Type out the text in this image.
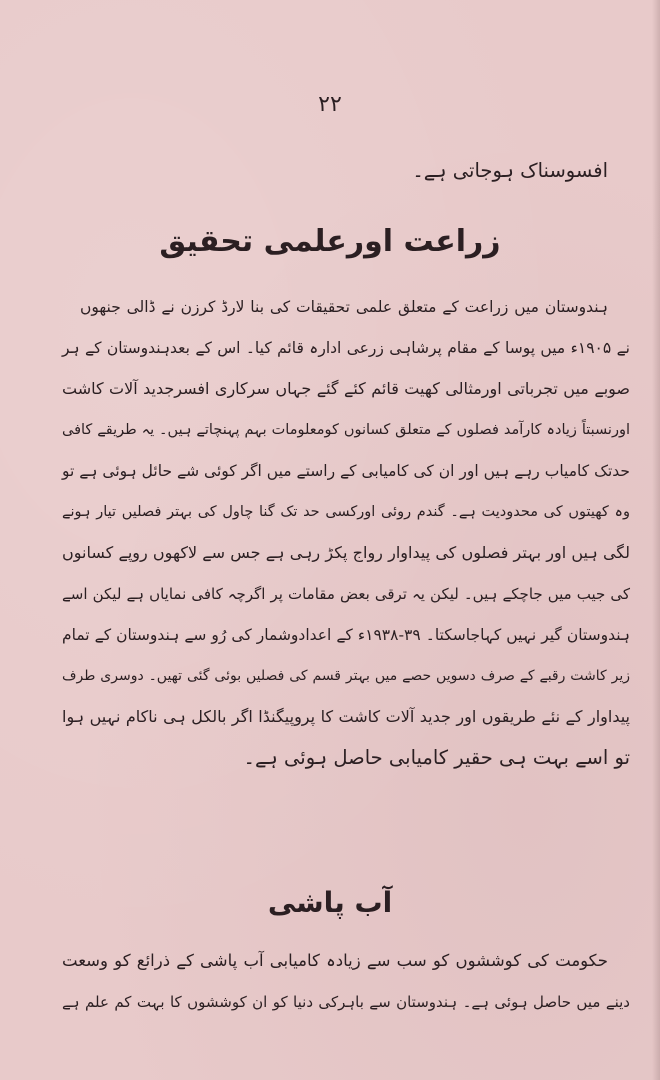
۲۲
افسوسناک ہوجاتی ہے۔
زراعت اورعلمی تحقیق
ہندوستان میں زراعت کے متعلق علمی تحقیقات کی بنا لارڈ کرزن نے ڈالی جنھوں
نے ۱۹۰۵ء میں پوسا کے مقام پرشاہی زرعی ادارہ قائم کیا۔ اس کے بعدہندوستان کے ہر
صوبے میں تجرباتی اورمثالی کھیت قائم کئے گئے جہاں سرکاری افسرجدید آلات کاشت
اورنسبتاً زیادہ کارآمد فصلوں کے متعلق کسانوں کومعلومات بہم پہنچاتے ہیں۔ یہ طریقے کافی
حدتک کامیاب رہے ہیں اور ان کی کامیابی کے راستے میں اگر کوئی شے حائل ہوئی ہے تو
وہ کھیتوں کی محدودیت ہے۔ گندم روئی اورکسی حد تک گنا چاول کی بہتر فصلیں تیار ہونے
لگی ہیں اور بہتر فصلوں کی پیداوار رواج پکڑ رہی ہے جس سے لاکھوں روپے کسانوں
کی جیب میں جاچکے ہیں۔ لیکن یہ ترقی بعض مقامات پر اگرچہ کافی نمایاں ہے لیکن اسے
ہندوستان گیر نہیں کہاجاسکتا۔ ۳۹-۱۹۳۸ء کے اعدادوشمار کی رُو سے ہندوستان کے تمام
زیر کاشت رقبے کے صرف دسویں حصے میں بہتر قسم کی فصلیں بوئی گئی تھیں۔ دوسری طرف
پیداوار کے نئے طریقوں اور جدید آلات کاشت کا پروپیگنڈا اگر بالکل ہی ناکام نہیں ہوا
تو اسے بہت ہی حقیر کامیابی حاصل ہوئی ہے۔
آب پاشی
حکومت کی کوششوں کو سب سے زیادہ کامیابی آب پاشی کے ذرائع کو وسعت
دینے میں حاصل ہوئی ہے۔ ہندوستان سے باہرکی دنیا کو ان کوششوں کا بہت کم علم ہے
